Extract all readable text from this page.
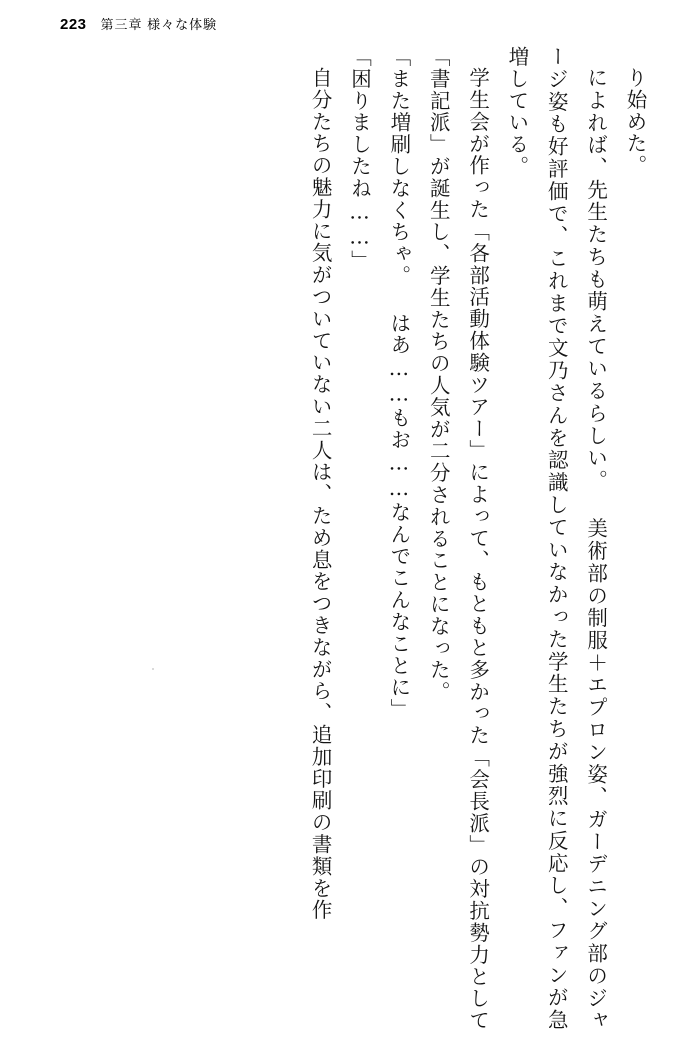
223 第三章 様々な体験

り始めた。

によれば、先生たちも萌えているらしい。 美術部の制服＋エプロン姿、ガーデニング部のジャージ姿も好評価で、これまで文乃さんを認識していなかった学生たちが強烈に反応し、ファンが急増している。

学生会が作った「各部活動体験ツアー」によって、もともと多かった「会長派」の対抗勢力として「書記派」が誕生し、学生たちの人気が二分されることになった。

「また増刷しなくちゃ。 はあ……もお……なんでこんなことに」

「困りましたね……」

自分たちの魅力に気がついていない二人は、ため息をつきながら、追加印刷の書類を作
